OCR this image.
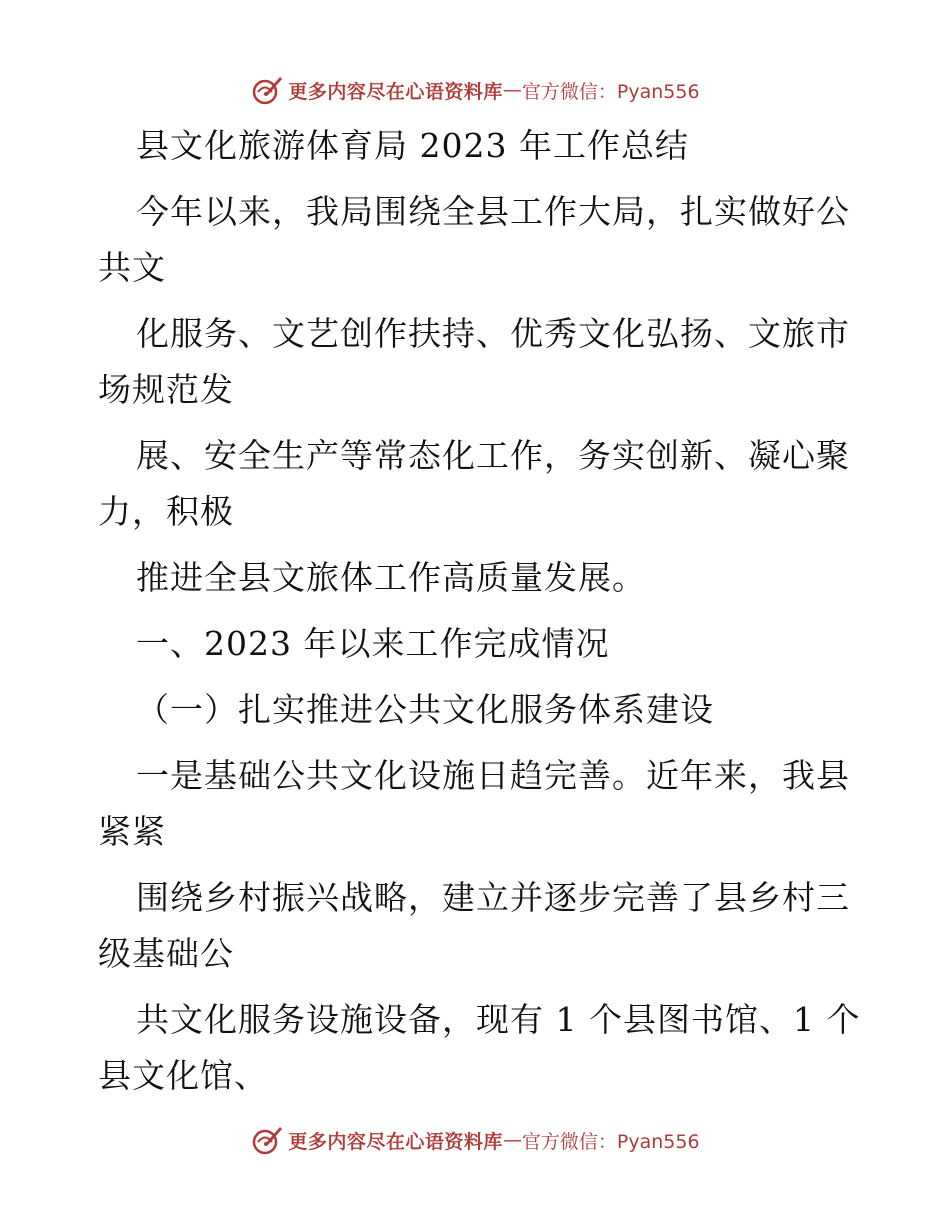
更多内容尽在心语资料库 — 官方微信：Pyan556
县文化旅游体育局 2023 年工作总结
今年以来，我局围绕全县工作大局，扎实做好公
共文
化服务、文艺创作扶持、优秀文化弘扬、文旅市
场规范发
展、安全生产等常态化工作，务实创新、凝心聚
力，积极
推进全县文旅体工作高质量发展。
一、2023 年以来工作完成情况
（一）扎实推进公共文化服务体系建设
一是基础公共文化设施日趋完善。近年来，我县
紧紧
围绕乡村振兴战略，建立并逐步完善了县乡村三
级基础公
共文化服务设施设备，现有 1 个县图书馆、1 个
县文化馆、
更多内容尽在心语资料库 — 官方微信：Pyan556
